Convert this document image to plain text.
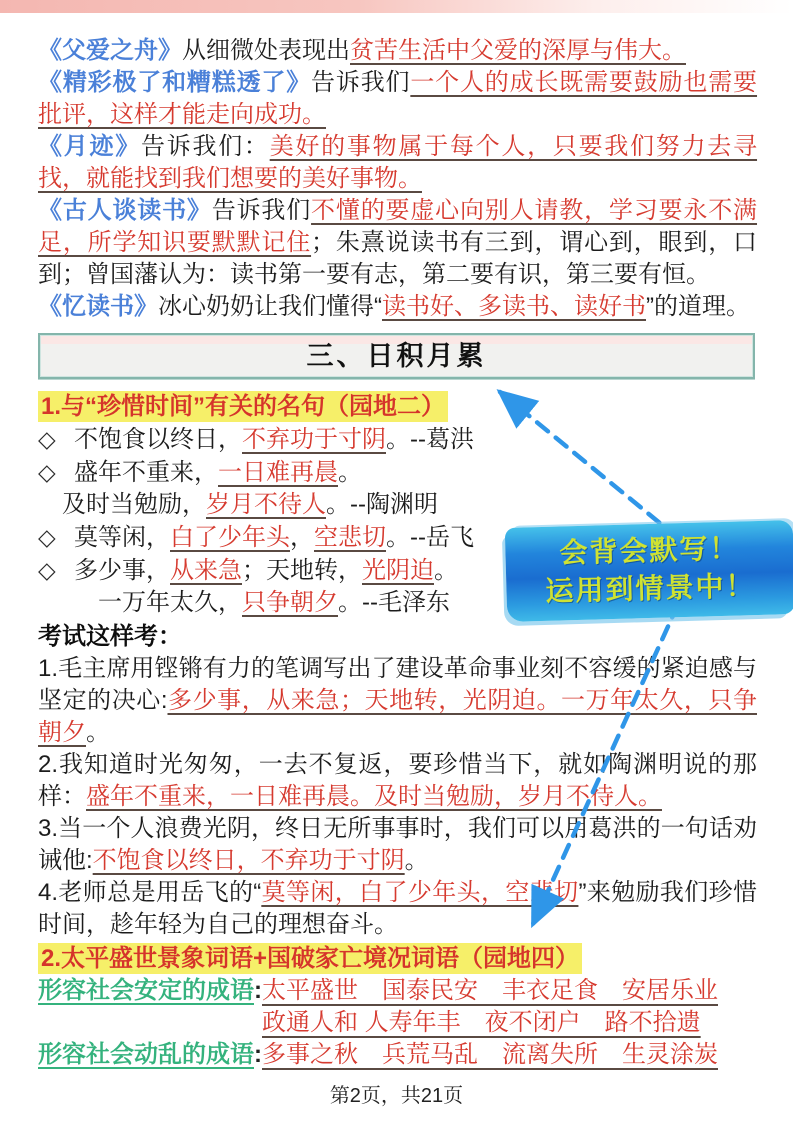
会背会默写！
运用到情景中！

《父爱之舟》从细微处表现出贫苦生活中父爱的深厚与伟大。

《精彩极了和糟糕透了》告诉我们一个人的成长既需要鼓励也需要批评，这样才能走向成功。

《月迹》告诉我们：美好的事物属于每个人，只要我们努力去寻找，就能找到我们想要的美好事物。

《古人谈读书》告诉我们不懂的要虚心向别人请教，学习要永不满足，所学知识要默默记住；朱熹说读书有三到，谓心到，眼到，口到；曾国藩认为：读书第一要有志，第二要有识，第三要有恒。

《忆读书》冰心奶奶让我们懂得“读书好、多读书、读好书”的道理。

三、日积月累
1.与“珍惜时间”有关的名句（园地二）
◇ 不饱食以终日，不弃功于寸阴。--葛洪
◇ 盛年不重来，一日难再晨。
及时当勉励，岁月不待人。--陶渊明
◇ 莫等闲，白了少年头，空悲切。--岳飞
◇ 多少事，从来急；天地转，光阴迫。
一万年太久，只争朝夕。--毛泽东
考试这样考：

1.毛主席用铿锵有力的笔调写出了建设革命事业刻不容缓的紧迫感与坚定的决心:多少事，从来急；天地转，光阴迫。一万年太久，只争朝夕。

2.我知道时光匆匆，一去不复返，要珍惜当下，就如陶渊明说的那样：盛年不重来，一日难再晨。及时当勉励，岁月不待人。

3.当一个人浪费光阴，终日无所事事时，我们可以用葛洪的一句话劝诫他:不饱食以终日，不弃功于寸阴。

4.老师总是用岳飞的“莫等闲，白了少年头，空悲切”来勉励我们珍惜时间，趁年轻为自己的理想奋斗。

2.太平盛世景象词语+国破家亡境况词语（园地四）
形容社会安定的成语: 太平盛世　国泰民安　丰衣足食　安居乐业
政通人和 人寿年丰　夜不闭户　路不拾遗
形容社会动乱的成语: 多事之秋　兵荒马乱　流离失所　生灵涂炭
第2页，共21页
